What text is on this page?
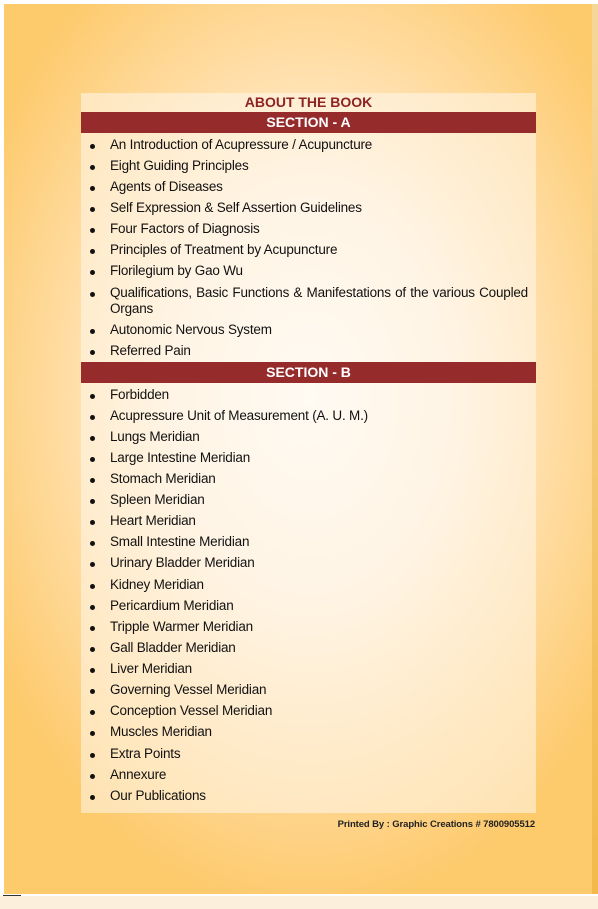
ABOUT THE BOOK
SECTION - A
An Introduction of Acupressure / Acupuncture
Eight Guiding Principles
Agents of Diseases
Self Expression & Self Assertion Guidelines
Four Factors of Diagnosis
Principles of Treatment by Acupuncture
Florilegium by Gao Wu
Qualifications, Basic Functions & Manifestations of the various Coupled Organs
Autonomic Nervous System
Referred Pain
SECTION - B
Forbidden
Acupressure Unit of Measurement (A. U. M.)
Lungs Meridian
Large Intestine Meridian
Stomach Meridian
Spleen Meridian
Heart Meridian
Small Intestine Meridian
Urinary Bladder Meridian
Kidney Meridian
Pericardium Meridian
Tripple Warmer Meridian
Gall Bladder Meridian
Liver Meridian
Governing Vessel Meridian
Conception Vessel Meridian
Muscles Meridian
Extra Points
Annexure
Our Publications
Printed By : Graphic Creations # 7800905512
